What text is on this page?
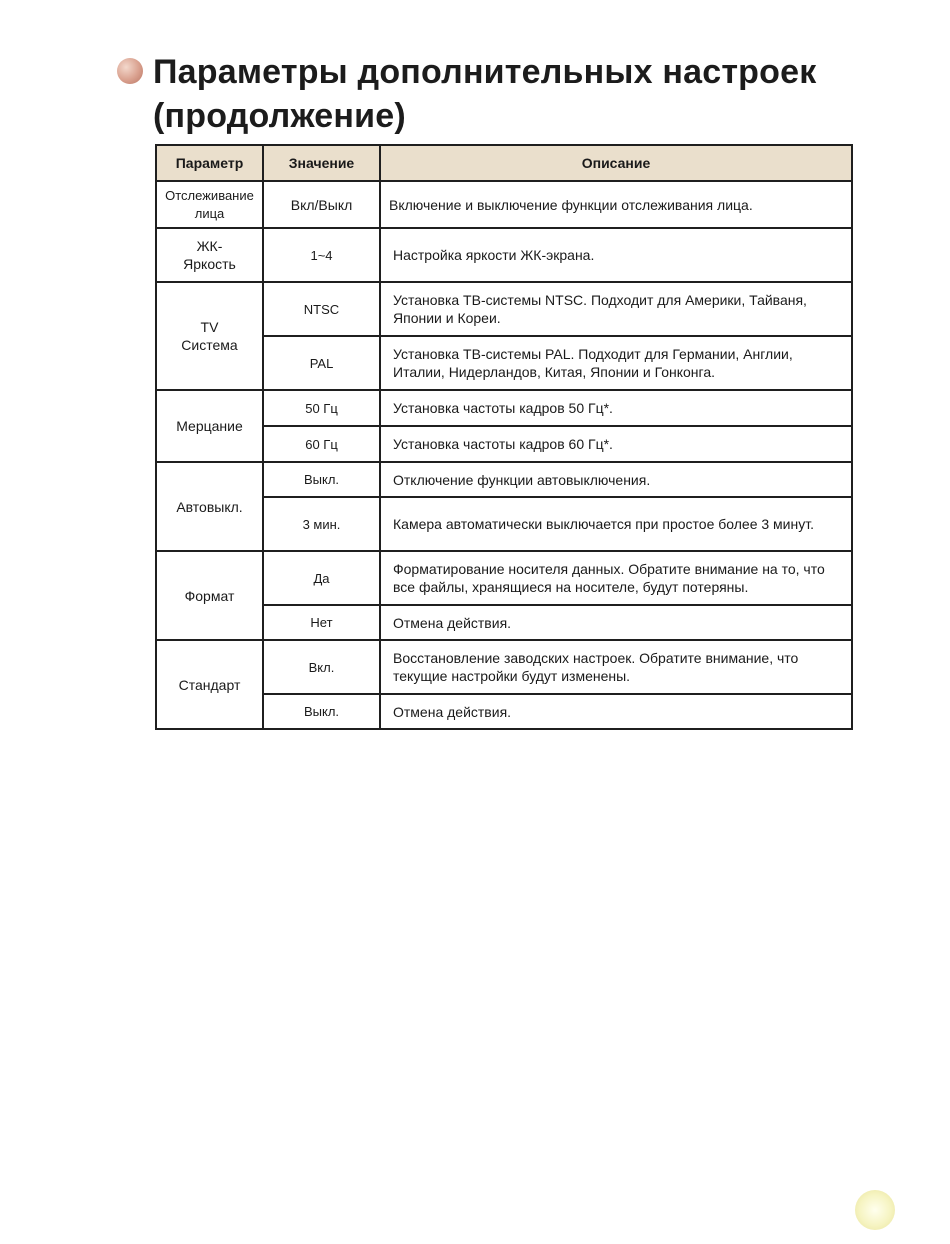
Параметры дополнительных настроек
(продолжение)
Параметр	Значение	Описание

Отслеживание
лица	Вкл/Выкл	Включение и выключение функции отслеживания лица.

ЖК-
Яркость	1~4	Настройка яркости ЖК-экрана.

TV
Система	NTSC	Установка ТВ-системы NTSC. Подходит для Америки, Тайваня, Японии и Кореи.
	PAL	Установка ТВ-системы PAL. Подходит для Германии, Англии, Италии, Нидерландов, Китая, Японии и Гонконга.
Мерцание	50 Гц	Установка частоты кадров 50 Гц*.
	60 Гц	Установка частоты кадров 60 Гц*.
Автовыкл.	Выкл.	Отключение функции автовыключения.
	3 мин.	Камера автоматически выключается при простое более 3 минут.
Формат	Да	Форматирование носителя данных. Обратите внимание на то, что все файлы, хранящиеся на носителе, будут потеряны.
	Нет	Отмена действия.
Стандарт	Вкл.	Восстановление заводских настроек. Обратите внимание, что текущие настройки будут изменены.
	Выкл.	Отмена действия.
